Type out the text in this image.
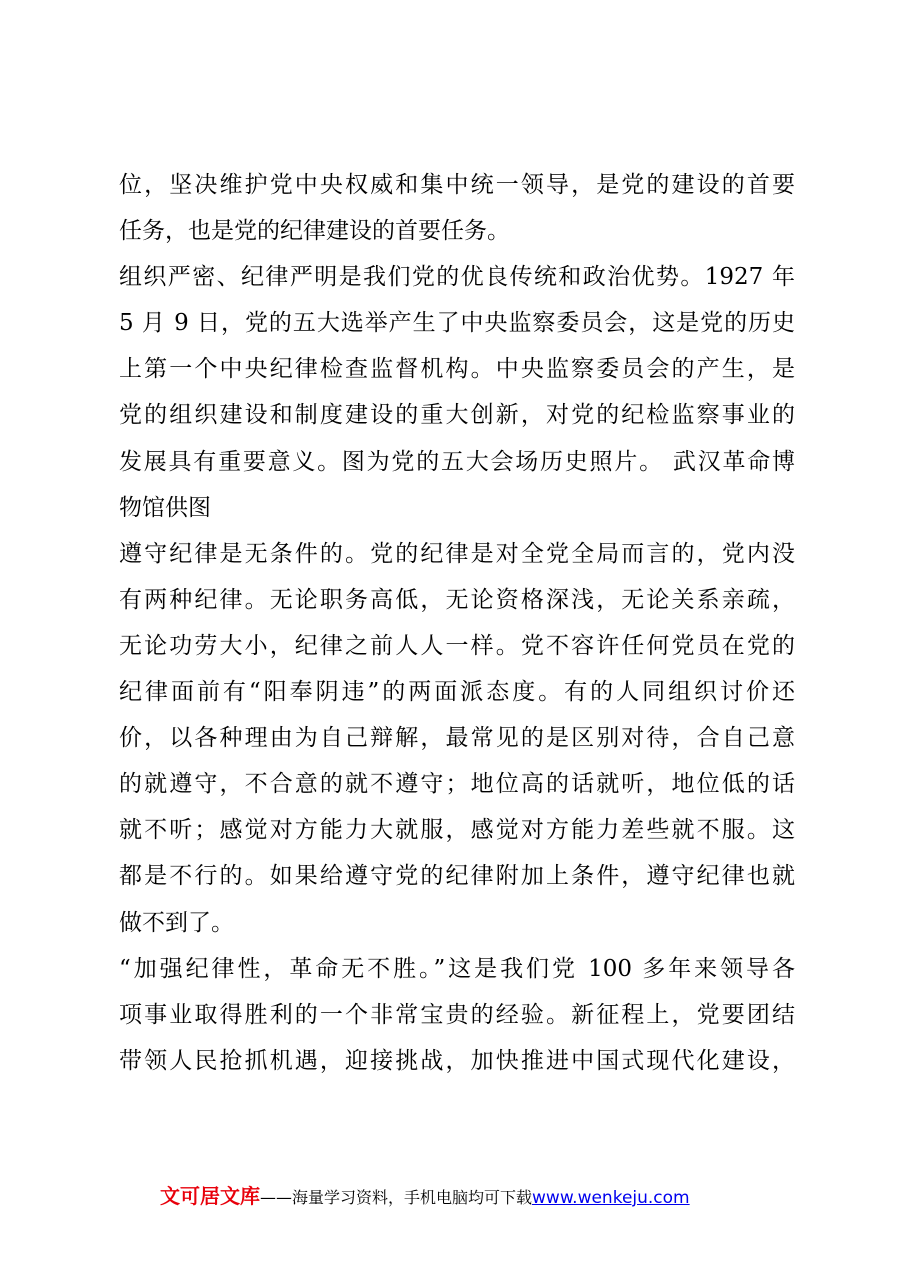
位，坚决维护党中央权威和集中统一领导，是党的建设的首要
任务，也是党的纪律建设的首要任务。
组织严密、纪律严明是我们党的优良传统和政治优势。1927 年
5 月 9 日，党的五大选举产生了中央监察委员会，这是党的历史
上第一个中央纪律检查监督机构。中央监察委员会的产生，是
党的组织建设和制度建设的重大创新，对党的纪检监察事业的
发展具有重要意义。图为党的五大会场历史照片。 武汉革命博
物馆供图
遵守纪律是无条件的。党的纪律是对全党全局而言的，党内没
有两种纪律。无论职务高低，无论资格深浅，无论关系亲疏，
无论功劳大小，纪律之前人人一样。党不容许任何党员在党的
纪律面前有“阳奉阴违”的两面派态度。有的人同组织讨价还
价，以各种理由为自己辩解，最常见的是区别对待，合自己意
的就遵守，不合意的就不遵守；地位高的话就听，地位低的话
就不听；感觉对方能力大就服，感觉对方能力差些就不服。这
都是不行的。如果给遵守党的纪律附加上条件，遵守纪律也就
做不到了。
“加强纪律性，革命无不胜。”这是我们党 100 多年来领导各
项事业取得胜利的一个非常宝贵的经验。新征程上，党要团结
带领人民抢抓机遇，迎接挑战，加快推进中国式现代化建设，
文可居文库——海量学习资料，手机电脑均可下载www.wenkeju.com
